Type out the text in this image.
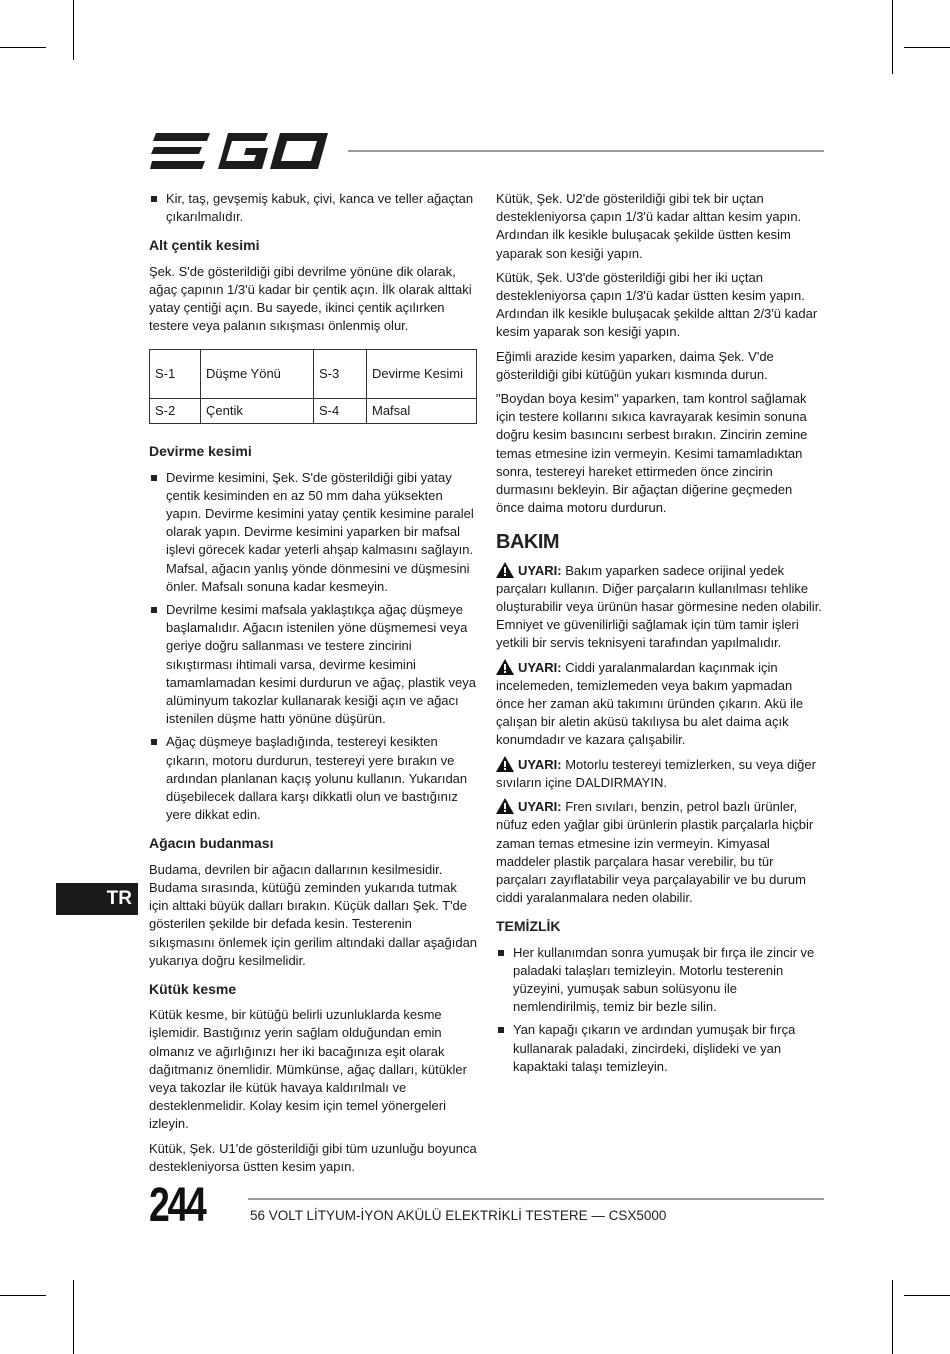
Kir, taş, gevşemiş kabuk, çivi, kanca ve teller ağaçtan çıkarılmalıdır.
Alt çentik kesimi

Şek. S'de gösterildiği gibi devrilme yönüne dik olarak, ağaç çapının 1/3'ü kadar bir çentik açın. İlk olarak alttaki yatay çentiği açın. Bu sayede, ikinci çentik açılırken testere veya palanın sıkışması önlenmiş olur.

S-1	Düşme Yönü	S-3	Devirme Kesimi
S-2	Çentik	S-4	Mafsal
Devirme kesimi
Devirme kesimini, Şek. S'de gösterildiği gibi yatay çentik kesiminden en az 50 mm daha yüksekten yapın. Devirme kesimini yatay çentik kesimine paralel olarak yapın. Devirme kesimini yaparken bir mafsal işlevi görecek kadar yeterli ahşap kalmasını sağlayın. Mafsal, ağacın yanlış yönde dönmesini ve düşmesini önler. Mafsalı sonuna kadar kesmeyin.
Devrilme kesimi mafsala yaklaştıkça ağaç düşmeye başlamalıdır. Ağacın istenilen yöne düşmemesi veya geriye doğru sallanması ve testere zincirini sıkıştırması ihtimali varsa, devirme kesimini tamamlamadan kesimi durdurun ve ağaç, plastik veya alüminyum takozlar kullanarak kesiği açın ve ağacı istenilen düşme hattı yönüne düşürün.
Ağaç düşmeye başladığında, testereyi kesikten çıkarın, motoru durdurun, testereyi yere bırakın ve ardından planlanan kaçış yolunu kullanın. Yukarıdan düşebilecek dallara karşı dikkatli olun ve bastığınız yere dikkat edin.
Ağacın budanması

Budama, devrilen bir ağacın dallarının kesilmesidir. Budama sırasında, kütüğü zeminden yukarıda tutmak için alttaki büyük dalları bırakın. Küçük dalları Şek. T'de gösterilen şekilde bir defada kesin. Testerenin sıkışmasını önlemek için gerilim altındaki dallar aşağıdan yukarıya doğru kesilmelidir.

Kütük kesme

Kütük kesme, bir kütüğü belirli uzunluklarda kesme işlemidir. Bastığınız yerin sağlam olduğundan emin olmanız ve ağırlığınızı her iki bacağınıza eşit olarak dağıtmanız önemlidir. Mümkünse, ağaç dalları, kütükler veya takozlar ile kütük havaya kaldırılmalı ve desteklenmelidir. Kolay kesim için temel yönergeleri izleyin.

Kütük, Şek. U1'de gösterildiği gibi tüm uzunluğu boyunca destekleniyorsa üstten kesim yapın.

Kütük, Şek. U2'de gösterildiği gibi tek bir uçtan destekleniyorsa çapın 1/3'ü kadar alttan kesim yapın. Ardından ilk kesikle buluşacak şekilde üstten kesim yaparak son kesiği yapın.

Kütük, Şek. U3'de gösterildiği gibi her iki uçtan destekleniyorsa çapın 1/3'ü kadar üstten kesim yapın. Ardından ilk kesikle buluşacak şekilde alttan 2/3'ü kadar kesim yaparak son kesiği yapın.

Eğimli arazide kesim yaparken, daima Şek. V'de gösterildiği gibi kütüğün yukarı kısmında durun.

"Boydan boya kesim" yaparken, tam kontrol sağlamak için testere kollarını sıkıca kavrayarak kesimin sonuna doğru kesim basıncını serbest bırakın. Zincirin zemine temas etmesine izin vermeyin. Kesimi tamamladıktan sonra, testereyi hareket ettirmeden önce zincirin durmasını bekleyin. Bir ağaçtan diğerine geçmeden önce daima motoru durdurun.

BAKIM

UYARI: Bakım yaparken sadece orijinal yedek parçaları kullanın. Diğer parçaların kullanılması tehlike oluşturabilir veya ürünün hasar görmesine neden olabilir. Emniyet ve güvenilirliği sağlamak için tüm tamir işleri yetkili bir servis teknisyeni tarafından yapılmalıdır.

UYARI: Ciddi yaralanmalardan kaçınmak için incelemeden, temizlemeden veya bakım yapmadan önce her zaman akü takımını üründen çıkarın. Akü ile çalışan bir aletin aküsü takılıysa bu alet daima açık konumdadır ve kazara çalışabilir.

UYARI: Motorlu testereyi temizlerken, su veya diğer sıvıların içine DALDIRMAYIN.

UYARI: Fren sıvıları, benzin, petrol bazlı ürünler, nüfuz eden yağlar gibi ürünlerin plastik parçalarla hiçbir zaman temas etmesine izin vermeyin. Kimyasal maddeler plastik parçalara hasar verebilir, bu tür parçaları zayıflatabilir veya parçalayabilir ve bu durum ciddi yaralanmalara neden olabilir.

TEMİZLİK
Her kullanımdan sonra yumuşak bir fırça ile zincir ve paladaki talaşları temizleyin. Motorlu testerenin yüzeyini, yumuşak sabun solüsyonu ile nemlendirilmiş, temiz bir bezle silin.
Yan kapağı çıkarın ve ardından yumuşak bir fırça kullanarak paladaki, zincirdeki, dişlideki ve yan kapaktaki talaşı temizleyin.
TR
244	56 VOLT LİTYUM-İYON AKÜLÜ ELEKTRİKLİ TESTERE — CSX5000
